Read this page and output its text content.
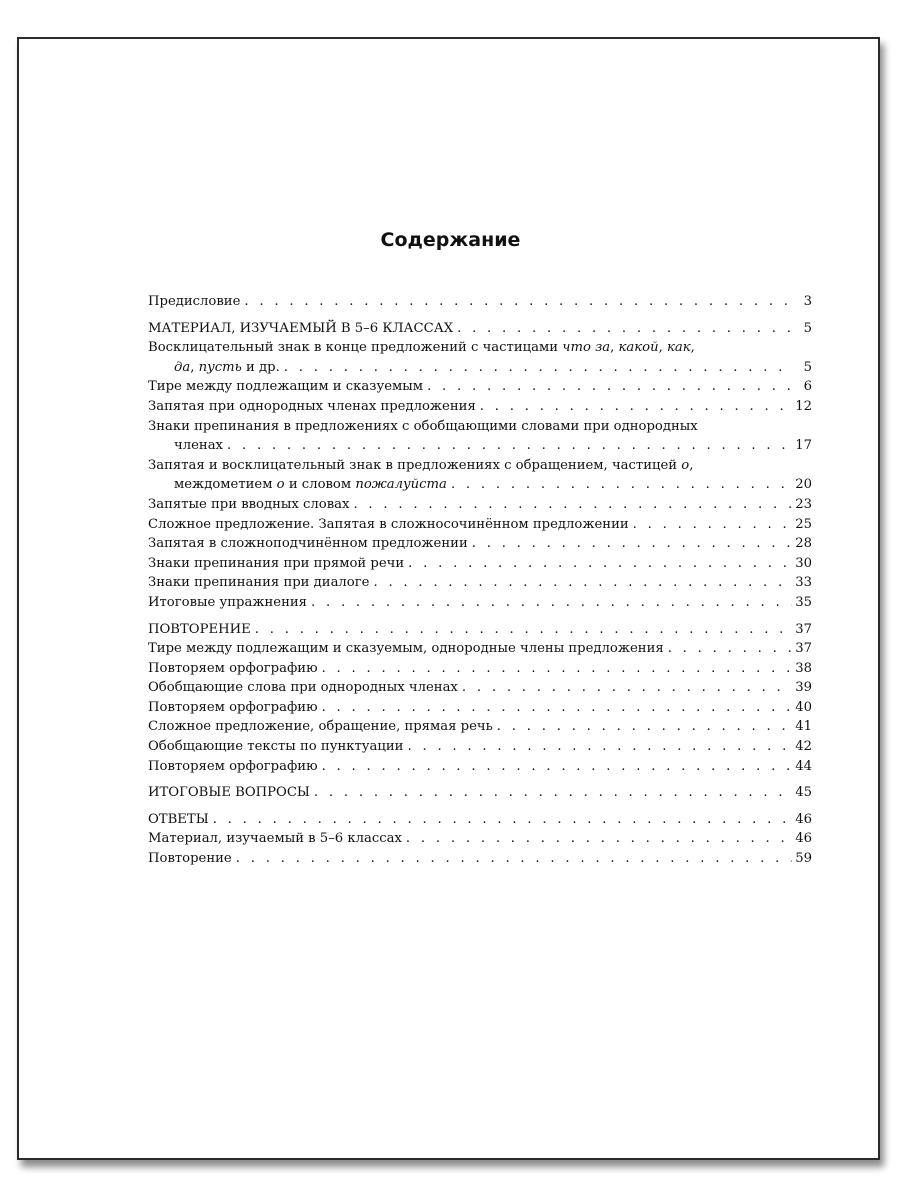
Содержание
Предисловие . . .	3
МАТЕРИАЛ, ИЗУЧАЕМЫЙ В 5–6 КЛАССАХ . . .	5
Восклицательный знак в конце предложений с частицами что за, какой, как,
да, пусть и др. . . .	5
Тире между подлежащим и сказуемым . . .	6
Запятая при однородных членах предложения . . .	12
Знаки препинания в предложениях с обобщающими словами при однородных
членах . . .	17
Запятая и восклицательный знак в предложениях с обращением, частицей о,
междометием о и словом пожалуйста . . .	20
Запятые при вводных словах . . .	23
Сложное предложение. Запятая в сложносочинённом предложении . . .	25
Запятая в сложноподчинённом предложении . . .	28
Знаки препинания при прямой речи . . .	30
Знаки препинания при диалоге . . .	33
Итоговые упражнения . . .	35
ПОВТОРЕНИЕ . . .	37
Тире между подлежащим и сказуемым, однородные члены предложения . . .	37
Повторяем орфографию . . .	38
Обобщающие слова при однородных членах . . .	39
Повторяем орфографию . . .	40
Сложное предложение, обращение, прямая речь . . .	41
Обобщающие тексты по пунктуации . . .	42
Повторяем орфографию . . .	44
ИТОГОВЫЕ ВОПРОСЫ . . .	45
ОТВЕТЫ . . .	46
Материал, изучаемый в 5–6 классах . . .	46
Повторение . . .	59
